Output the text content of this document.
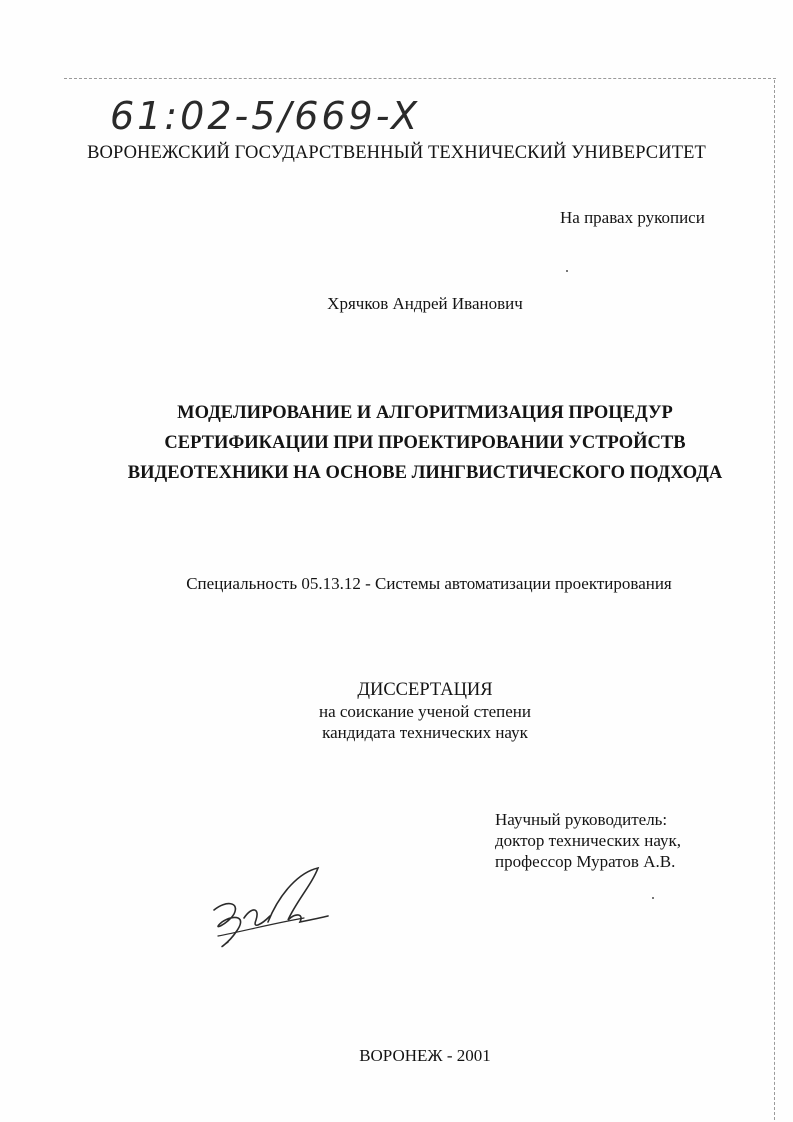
61:02-5/669-X
ВОРОНЕЖСКИЙ ГОСУДАРСТВЕННЫЙ ТЕХНИЧЕСКИЙ УНИВЕРСИТЕТ
На правах рукописи
Хрячков Андрей Иванович
МОДЕЛИРОВАНИЕ И АЛГОРИТМИЗАЦИЯ ПРОЦЕДУР
СЕРТИФИКАЦИИ ПРИ ПРОЕКТИРОВАНИИ УСТРОЙСТВ
ВИДЕОТЕХНИКИ НА ОСНОВЕ ЛИНГВИСТИЧЕСКОГО ПОДХОДА
Специальность 05.13.12 - Системы автоматизации проектирования
ДИССЕРТАЦИЯ
на соискание ученой степени
кандидата технических наук
Научный руководитель:
доктор технических наук,
профессор Муратов А.В.
ВОРОНЕЖ - 2001
